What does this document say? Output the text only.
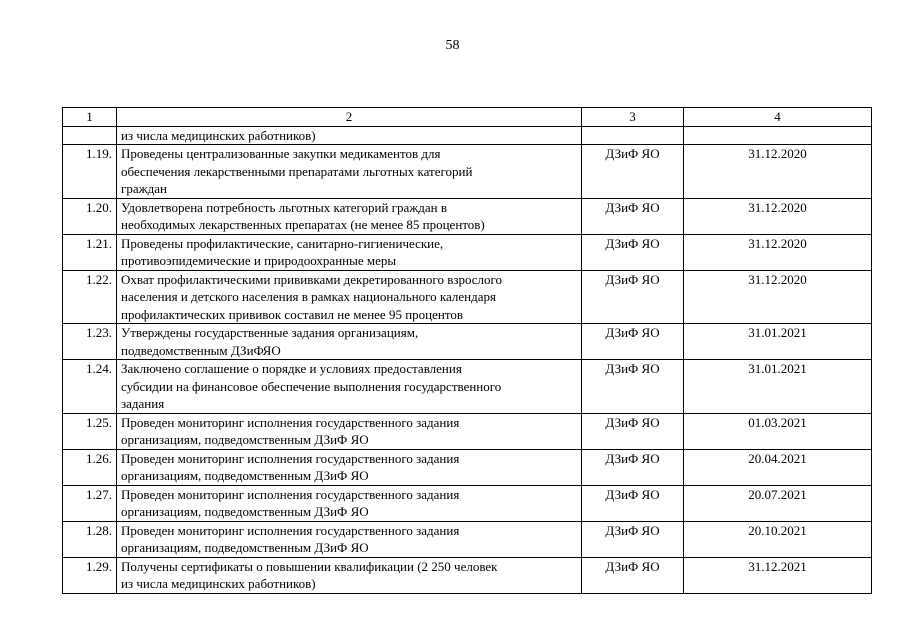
58
1	2	3	4

	из числа медицинских работников)		

1.19.	Проведены централизованные закупки медикаментов для
обеспечения лекарственными препаратами льготных категорий
граждан	ДЗиФ ЯО	31.12.2020
1.20.	Удовлетворена потребность льготных категорий граждан в
необходимых лекарственных препаратах (не менее 85 процентов)	ДЗиФ ЯО	31.12.2020
1.21.	Проведены профилактические, санитарно-гигиенические,
противоэпидемические и природоохранные меры	ДЗиФ ЯО	31.12.2020
1.22.	Охват профилактическими прививками декретированного взрослого
населения и детского населения в рамках национального календаря
профилактических прививок составил не менее 95 процентов	ДЗиФ ЯО	31.12.2020
1.23.	Утверждены государственные задания организациям,
подведомственным ДЗиФЯО	ДЗиФ ЯО	31.01.2021
1.24.	Заключено соглашение о порядке и условиях предоставления
субсидии на финансовое обеспечение выполнения государственного
задания	ДЗиФ ЯО	31.01.2021
1.25.	Проведен мониторинг исполнения государственного задания
организациям, подведомственным ДЗиФ ЯО	ДЗиФ ЯО	01.03.2021
1.26.	Проведен мониторинг исполнения государственного задания
организациям, подведомственным ДЗиФ ЯО	ДЗиФ ЯО	20.04.2021
1.27.	Проведен мониторинг исполнения государственного задания
организациям, подведомственным ДЗиФ ЯО	ДЗиФ ЯО	20.07.2021
1.28.	Проведен мониторинг исполнения государственного задания
организациям, подведомственным ДЗиФ ЯО	ДЗиФ ЯО	20.10.2021
1.29.	Получены сертификаты о повышении квалификации (2 250 человек
из числа медицинских работников)	ДЗиФ ЯО	31.12.2021
